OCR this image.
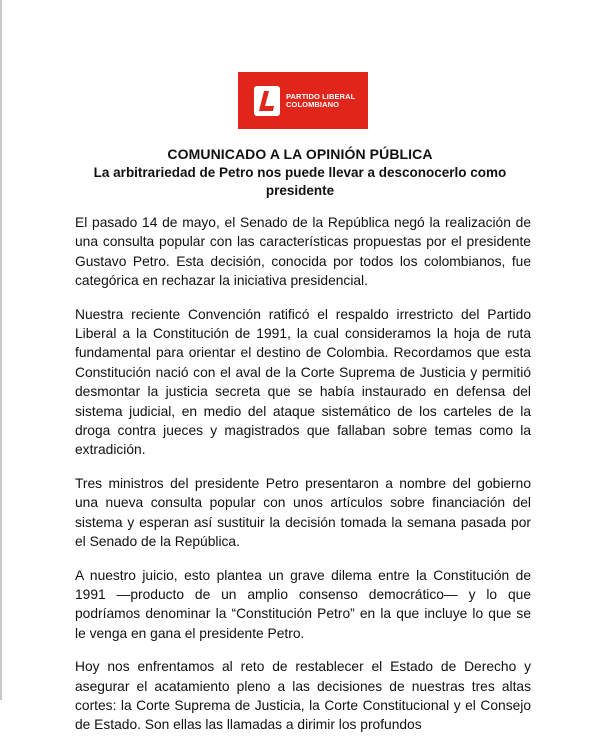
PARTIDO LIBERAL
COLOMBIANO
COMUNICADO A LA OPINIÓN PÚBLICA
La arbitrariedad de Petro nos puede llevar a desconocerlo como presidente

El pasado 14 de mayo, el Senado de la República negó la realización de una consulta popular con las características propuestas por el presidente Gustavo Petro. Esta decisión, conocida por todos los colombianos, fue categórica en rechazar la iniciativa presidencial.

Nuestra reciente Convención ratificó el respaldo irrestricto del Partido Liberal a la Constitución de 1991, la cual consideramos la hoja de ruta fundamental para orientar el destino de Colombia. Recordamos que esta Constitución nació con el aval de la Corte Suprema de Justicia y permitió desmontar la justicia secreta que se había instaurado en defensa del sistema judicial, en medio del ataque sistemático de los carteles de la droga contra jueces y magistrados que fallaban sobre temas como la extradición.

Tres ministros del presidente Petro presentaron a nombre del gobierno una nueva consulta popular con unos artículos sobre financiación del sistema y esperan así sustituir la decisión tomada la semana pasada por el Senado de la República.

A nuestro juicio, esto plantea un grave dilema entre la Constitución de 1991 —producto de un amplio consenso democrático— y lo que podríamos denominar la “Constitución Petro” en la que incluye lo que se le venga en gana el presidente Petro.

Hoy nos enfrentamos al reto de restablecer el Estado de Derecho y asegurar el acatamiento pleno a las decisiones de nuestras tres altas cortes: la Corte Suprema de Justicia, la Corte Constitucional y el Consejo de Estado. Son ellas las llamadas a dirimir los profundos
